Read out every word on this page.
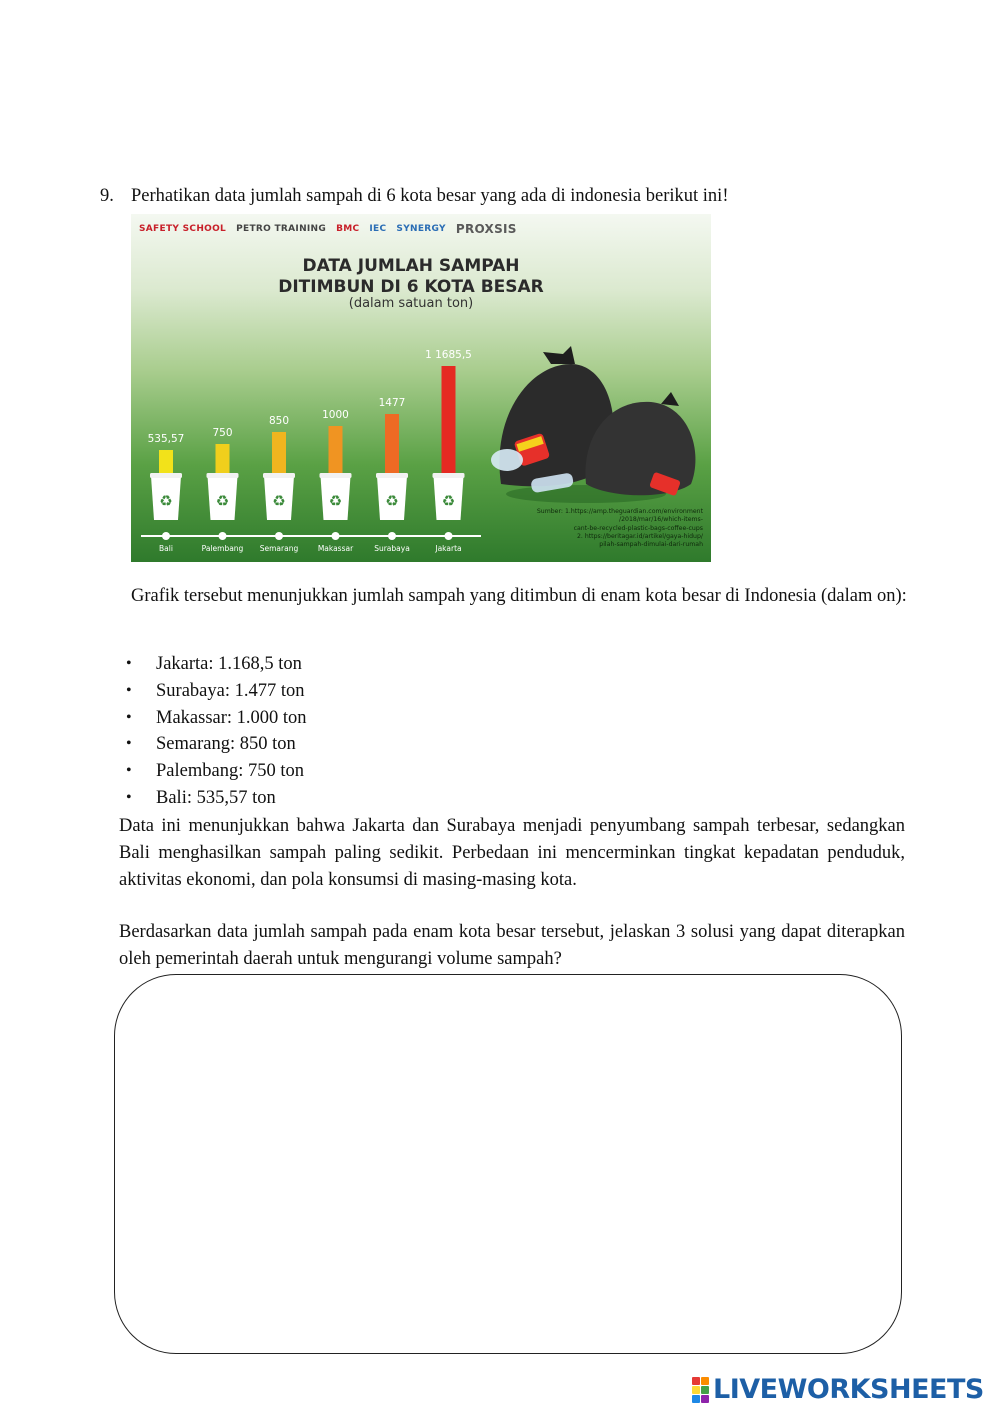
9. Perhatikan data jumlah sampah di 6 kota besar yang ada di indonesia berikut ini!
SAFETY SCHOOL PETRO TRAINING BMC IEC SYNERGY PROXSIS
DATA JUMLAH SAMPAH
DITIMBUN DI 6 KOTA BESAR
(dalam satuan ton)
♻
535,57
Bali
♻
750
Palembang
♻
850
Semarang
♻
1000
Makassar
♻
1477
Surabaya
♻
1 1685,5
Jakarta
Sumber: 1.https://amp.theguardian.com/environment
/2018/mar/16/which-items-
cant-be-recycled-plastic-bags-coffee-cups
2. https://beritagar.id/artikel/gaya-hidup/
pilah-sampah-dimulai-dari-rumah
Grafik tersebut menunjukkan jumlah sampah yang ditimbun di enam kota besar di Indonesia (dalam on):
• Jakarta: 1.168,5 ton
• Surabaya: 1.477 ton
• Makassar: 1.000 ton
• Semarang: 850 ton
• Palembang: 750 ton
• Bali: 535,57 ton
Data ini menunjukkan bahwa Jakarta dan Surabaya menjadi penyumbang sampah terbesar, sedangkan Bali menghasilkan sampah paling sedikit. Perbedaan ini mencerminkan tingkat kepadatan penduduk, aktivitas ekonomi, dan pola konsumsi di masing-masing kota.
Berdasarkan data jumlah sampah pada enam kota besar tersebut, jelaskan 3 solusi yang dapat diterapkan oleh pemerintah daerah untuk mengurangi volume sampah?
LIVEWORKSHEETS
